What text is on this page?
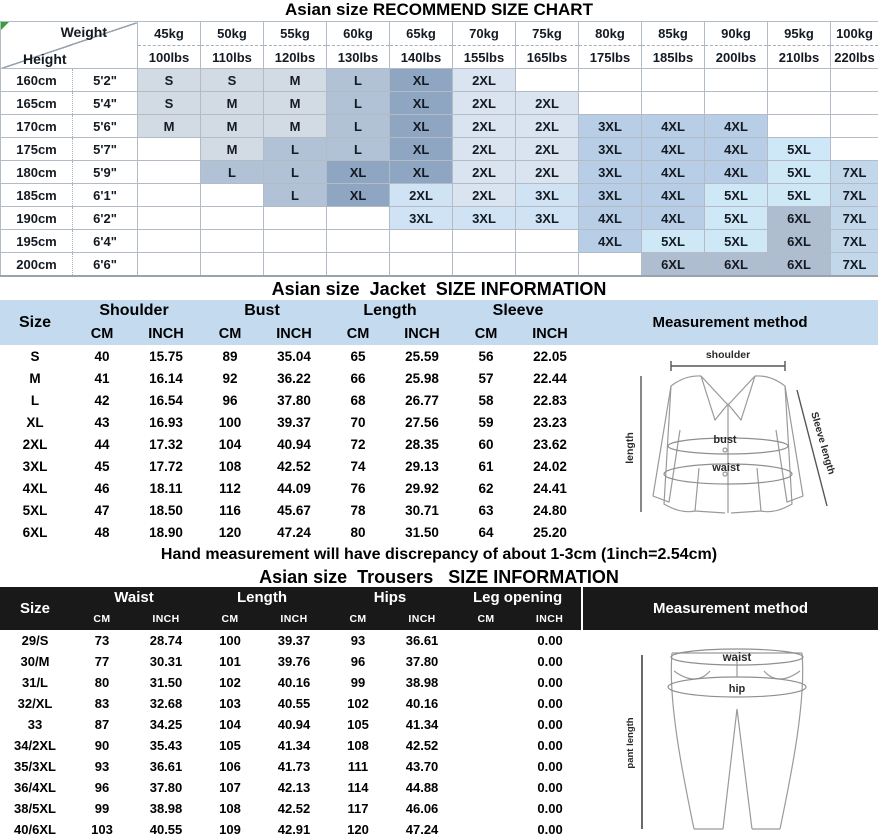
Asian size RECOMMEND SIZE CHART
Weight
Height		45kg	50kg	55kg	60kg	65kg	70kg	75kg	80kg	85kg	90kg	95kg	100kg
		100lbs	110lbs	120lbs	130lbs	140lbs	155lbs	165lbs	175lbs	185lbs	200lbs	210lbs	220lbs
160cm	5'2"	S	S	M	L	XL	2XL						
165cm	5'4"	S	M	M	L	XL	2XL	2XL					
170cm	5'6"	M	M	M	L	XL	2XL	2XL	3XL	4XL	4XL		
175cm	5'7"		M	L	L	XL	2XL	2XL	3XL	4XL	4XL	5XL	
180cm	5'9"		L	L	XL	XL	2XL	2XL	3XL	4XL	4XL	5XL	7XL
185cm	6'1"			L	XL	2XL	2XL	3XL	3XL	4XL	5XL	5XL	7XL
190cm	6'2"					3XL	3XL	3XL	4XL	4XL	5XL	6XL	7XL
195cm	6'4"								4XL	5XL	5XL	6XL	7XL
200cm	6'6"									6XL	6XL	6XL	7XL
Asian size  Jacket  SIZE INFORMATION
Size	Shoulder		Bust		Length		Sleeve		Measurement method
	CM	INCH	CM	INCH	CM	INCH	CM	INCH	
S	40	15.75	89	35.04	65	25.59	56	22.05	shoulder
length bust
waist Sleeve length

M	41	16.14	92	36.22	66	25.98	57	22.44	
L	42	16.54	96	37.80	68	26.77	58	22.83	
XL	43	16.93	100	39.37	70	27.56	59	23.23	
2XL	44	17.32	104	40.94	72	28.35	60	23.62	
3XL	45	17.72	108	42.52	74	29.13	61	24.02	
4XL	46	18.11	112	44.09	76	29.92	62	24.41	
5XL	47	18.50	116	45.67	78	30.71	63	24.80	
6XL	48	18.90	120	47.24	80	31.50	64	25.20	
Hand measurement will have discrepancy of about 1-3cm (1inch=2.54cm)
Asian size  Trousers   SIZE INFORMATION
Size	Waist		Length		Hips		Leg opening		Measurement method
	CM	INCH	CM	INCH	CM	INCH	CM	INCH	
29/S	73	28.74	100	39.37	93	36.61		0.00	waist
hip
pant length

30/M	77	30.31	101	39.76	96	37.80		0.00	
31/L	80	31.50	102	40.16	99	38.98		0.00	
32/XL	83	32.68	103	40.55	102	40.16		0.00	
33	87	34.25	104	40.94	105	41.34		0.00	
34/2XL	90	35.43	105	41.34	108	42.52		0.00	
35/3XL	93	36.61	106	41.73	111	43.70		0.00	
36/4XL	96	37.80	107	42.13	114	44.88		0.00	
38/5XL	99	38.98	108	42.52	117	46.06		0.00	
40/6XL	103	40.55	109	42.91	120	47.24		0.00	
